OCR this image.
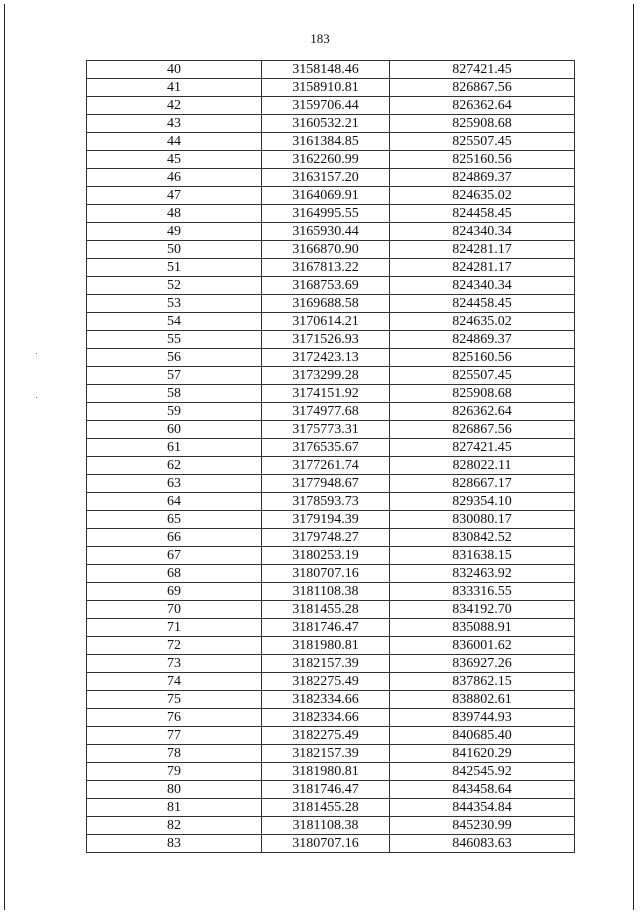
183
40	3158148.46	827421.45
41	3158910.81	826867.56
42	3159706.44	826362.64
43	3160532.21	825908.68
44	3161384.85	825507.45
45	3162260.99	825160.56
46	3163157.20	824869.37
47	3164069.91	824635.02
48	3164995.55	824458.45
49	3165930.44	824340.34
50	3166870.90	824281.17
51	3167813.22	824281.17
52	3168753.69	824340.34
53	3169688.58	824458.45
54	3170614.21	824635.02
55	3171526.93	824869.37
56	3172423.13	825160.56
57	3173299.28	825507.45
58	3174151.92	825908.68
59	3174977.68	826362.64
60	3175773.31	826867.56
61	3176535.67	827421.45
62	3177261.74	828022.11
63	3177948.67	828667.17
64	3178593.73	829354.10
65	3179194.39	830080.17
66	3179748.27	830842.52
67	3180253.19	831638.15
68	3180707.16	832463.92
69	3181108.38	833316.55
70	3181455.28	834192.70
71	3181746.47	835088.91
72	3181980.81	836001.62
73	3182157.39	836927.26
74	3182275.49	837862.15
75	3182334.66	838802.61
76	3182334.66	839744.93
77	3182275.49	840685.40
78	3182157.39	841620.29
79	3181980.81	842545.92
80	3181746.47	843458.64
81	3181455.28	844354.84
82	3181108.38	845230.99
83	3180707.16	846083.63
